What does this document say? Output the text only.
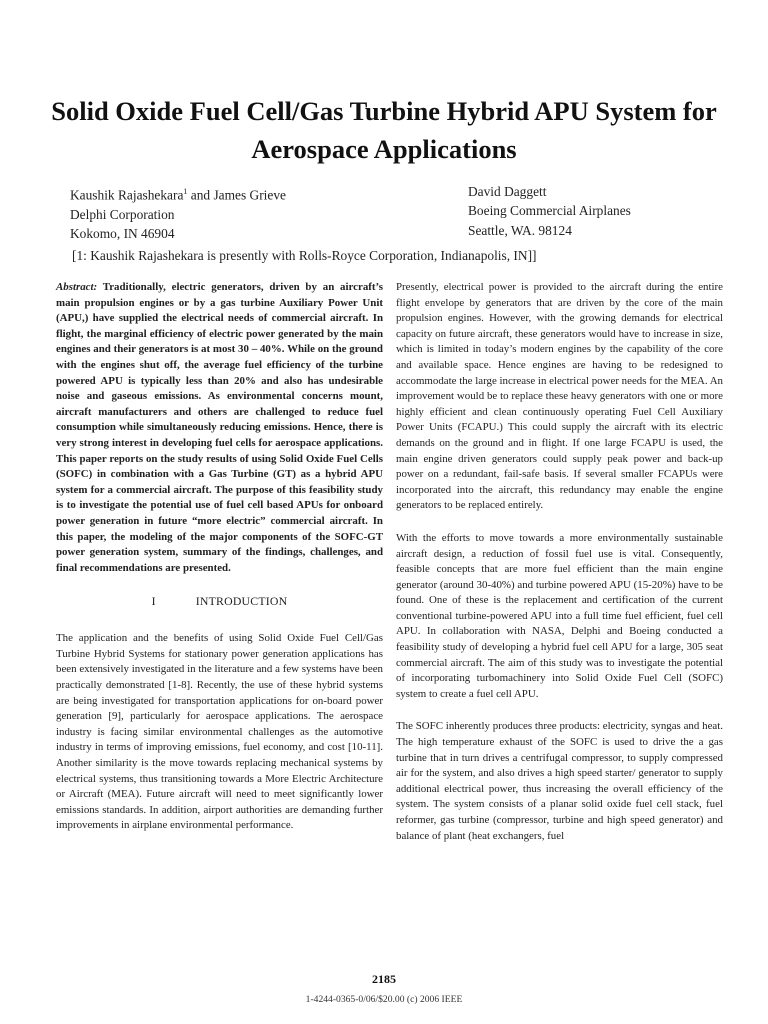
Solid Oxide Fuel Cell/Gas Turbine Hybrid APU System for Aerospace Applications
Kaushik Rajashekara$^1$ and James Grieve
Delphi Corporation
Kokomo, IN 46904
David Daggett
Boeing Commercial Airplanes
Seattle, WA. 98124
[1: Kaushik Rajashekara is presently with Rolls-Royce Corporation, Indianapolis, IN]]

Abstract: Traditionally, electric generators, driven by an aircraft’s main propulsion engines or by a gas turbine Auxiliary Power Unit (APU,) have supplied the electrical needs of commercial aircraft. In flight, the marginal efficiency of electric power generated by the main engines and their generators is at most 30 – 40%. While on the ground with the engines shut off, the average fuel efficiency of the turbine powered APU is typically less than 20% and also has undesirable noise and gaseous emissions. As environmental concerns mount, aircraft manufacturers and others are challenged to reduce fuel consumption while simultaneously reducing emissions. Hence, there is very strong interest in developing fuel cells for aerospace applications. This paper reports on the study results of using Solid Oxide Fuel Cells (SOFC) in combination with a Gas Turbine (GT) as a hybrid APU system for a commercial aircraft. The purpose of this feasibility study is to investigate the potential use of fuel cell based APUs for onboard power generation in future “more electric” commercial aircraft. In this paper, the modeling of the major components of the SOFC-GT power generation system, summary of the findings, challenges, and final recommendations are presented.

I	INTRODUCTION

The application and the benefits of using Solid Oxide Fuel Cell/Gas Turbine Hybrid Systems for stationary power generation applications has been extensively investigated in the literature and a few systems have been practically demonstrated [1-8]. Recently, the use of these hybrid systems are being investigated for transportation applications for on-board power generation [9], particularly for aerospace applications. The aerospace industry is facing similar environmental challenges as the automotive industry in terms of improving emissions, fuel economy, and cost [10-11]. Another similarity is the move towards replacing mechanical systems by electrical systems, thus transitioning towards a More Electric Architecture or Aircraft (MEA). Future aircraft will need to meet significantly lower emissions standards. In addition, airport authorities are demanding further improvements in airplane environmental performance.

Presently, electrical power is provided to the aircraft during the entire flight envelope by generators that are driven by the core of the main propulsion engines. However, with the growing demands for electrical capacity on future aircraft, these generators would have to increase in size, which is limited in today’s modern engines by the capability of the core and available space. Hence engines are having to be redesigned to accommodate the large increase in electrical power needs for the MEA. An improvement would be to replace these heavy generators with one or more highly efficient and clean continuously operating Fuel Cell Auxiliary Power Units (FCAPU.) This could supply the aircraft with its electric demands on the ground and in flight. If one large FCAPU is used, the main engine driven generators could supply peak power and back-up power on a redundant, fail-safe basis. If several smaller FCAPUs were incorporated into the aircraft, this redundancy may enable the engine generators to be replaced entirely.

With the efforts to move towards a more environmentally sustainable aircraft design, a reduction of fossil fuel use is vital. Consequently, feasible concepts that are more fuel efficient than the main engine generator (around 30-40%) and turbine powered APU (15-20%) have to be found. One of these is the replacement and certification of the current conventional turbine-powered APU into a full time fuel efficient, fuel cell APU. In collaboration with NASA, Delphi and Boeing conducted a feasibility study of developing a hybrid fuel cell APU for a large, 305 seat commercial aircraft. The aim of this study was to investigate the potential of incorporating turbomachinery into Solid Oxide Fuel Cell (SOFC) system to create a fuel cell APU.

The SOFC inherently produces three products: electricity, syngas and heat. The high temperature exhaust of the SOFC is used to drive the a gas turbine that in turn drives a centrifugal compressor, to supply compressed air for the system, and also drives a high speed starter/ generator to supply additional electrical power, thus increasing the overall efficiency of the system. The system consists of a planar solid oxide fuel cell stack, fuel reformer, gas turbine (compressor, turbine and high speed generator) and balance of plant (heat exchangers, fuel

2185
1-4244-0365-0/06/$20.00 (c) 2006 IEEE
